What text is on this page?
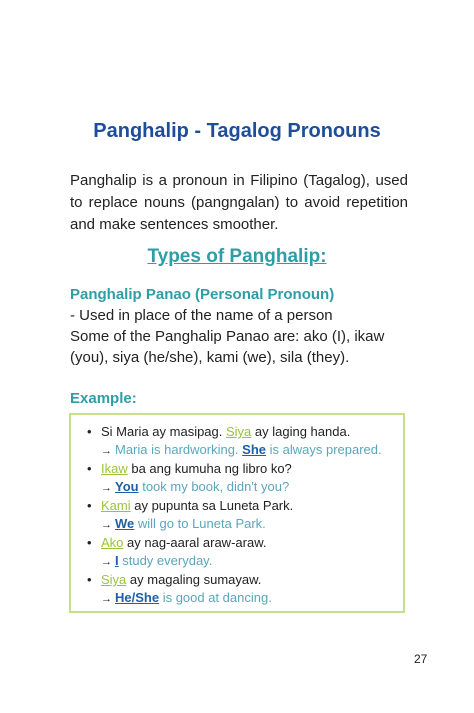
Panghalip - Tagalog Pronouns
Panghalip is a pronoun in Filipino (Tagalog), used to replace nouns (pangngalan) to avoid repetition and make sentences smoother.
Types of Panghalip:
Panghalip Panao (Personal Pronoun)
- Used in place of the name of a person
Some of the Panghalip Panao are: ako (I), ikaw
(you), siya (he/she), kami (we), sila (they).
Example:
• Si Maria ay masipag. Siya ay laging handa.
→ Maria is hardworking. She is always prepared.
• Ikaw ba ang kumuha ng libro ko?
→ You took my book, didn't you?
• Kami ay pupunta sa Luneta Park.
→ We will go to Luneta Park.
• Ako ay nag-aaral araw-araw.
→ I study everyday.
• Siya ay magaling sumayaw.
→ He/She is good at dancing.
27
